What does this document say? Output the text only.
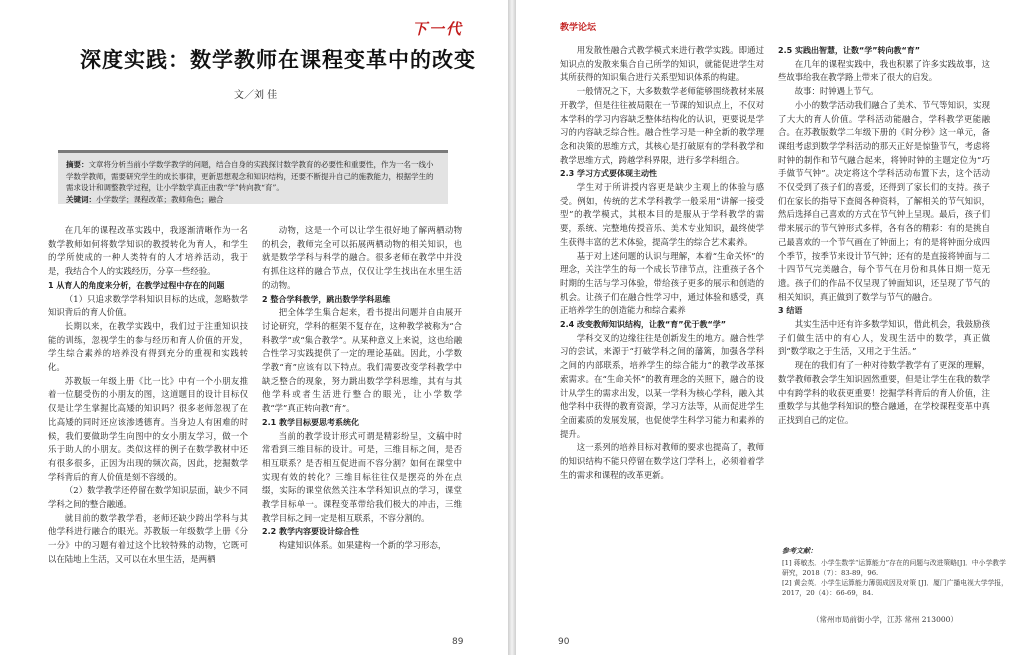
下一代
深度实践：数学教师在课程变革中的改变
文／刘 佳
摘要：文章将分析当前小学数学教学的问题，结合自身的实践探讨数学教育的必要性和重要性，作为一名一线小学数学教师，需要研究学生的成长事律，更新思想观念和知识结构，还要不断提升自己的施教能力，根据学生的需求设计和调整教学过程，让小学数学真正由教“学”转向教“育”。
关键词：小学数学；课程改革；教师角色；融合

在几年的课程改革实践中，我逐渐清晰作为一名数学教师如何将数学知识的教授转化为育人，和学生的学所使成的一种人类特有的人才培养活动，我于是，我结合个人的实践经历，分享一些经验。

1 从育人的角度来分析，在教学过程中存在的问题

（1）只追求数学学科知识目标的达成，忽略数学知识背后的育人价值。

长期以来，在教学实践中，我们过于注重知识技能的训练，忽视学生的参与经历和育人价值的开发，学生综合素养的培养没有得到充分的重视和实践转化。

苏教版一年级上册《比一比》中有一个小朋友推着一位腿受伤的小朋友的图，这道题目的设计目标仅仅是让学生掌握比高矮的知识吗？很多老师忽视了在比高矮的同时还应该渗透德育。当身边人有困难的时候，我们要做助学生向图中的女小朋友学习，做一个乐于助人的小朋友。类似这样的例子在数学教材中还有很多很多，正因为出现的频次高，因此，挖掘数学学科背后的育人价值是刻不容缓的。

（2）数学教学还停留在数学知识层面，缺少不同学科之间的整合融通。

就目前的数学教学看，老师还缺少跨出学科与其他学科进行融合的眼光。苏教版一年级数学上册《分一分》中的习题有着过这个比较特殊的动物，它既可以在陆地上生活，又可以在水里生活，是两栖

动物，这是一个可以让学生很好地了解两栖动物的机会，教师完全可以拓展两栖动物的相关知识，也就是数学学科与科学的融合。很多老师在教学中并没有抓住这样的融合节点，仅仅让学生找出在水里生活的动物。

2 整合学科教学，跳出数学学科思维

把全体学生集合起来，看书提出问题并自由展开讨论研究，学科的框架不复存在，这种教学被称为“合科教学”或“集合教学”。从某种意义上来说，这也给融合性学习实践提供了一定的理论基础。因此，小学数学教“育”应该有以下特点。我们需要改变学科教学中缺乏整合的现象，努力跳出数学学科思维，其有与其他学科或者生活进行整合的眼光，让小学数学教“学”真正转向教“育”。

2.1 教学目标要思考系统化

当前的教学设计形式可谓是精彩纷呈，文稿中时常看到三维目标的设计。可是，三维目标之间，是否相互联系？是否相互促进而不容分割？如何在课堂中实现有效的转化？三维目标往往仅是摆亮的外在点缀，实际的课堂依然关注本学科知识点的学习，课堂教学目标单一。课程变革带给我们极大的冲击，三维教学目标之间一定是相互联系，不容分割的。

2.2 教学内容要设计综合性

构建知识体系。如果建构一个新的学习形态，

89
教学论坛

用发散性融合式教学模式来进行教学实践。即通过知识点的发散来集合自己所学的知识，就能促进学生对其所获得的知识集合进行关系型知识体系的构建。

一般情况之下，大多数数学老师能够围绕教材来展开教学，但是往往被局限在一节课的知识点上，不仅对本学科的学习内容缺乏整体结构化的认识，更要说是学习的内容缺乏综合性。融合性学习是一种全新的教学理念和决策的思维方式，其核心是打破原有的学科教学和教学思维方式，跨越学科界限，进行多学科组合。

2.3 学习方式要体现主动性

学生对于所讲授内容更是缺少主观上的体验与感受。例如，传统的艺术学科教学一般采用“讲解一接受型”的教学模式，其根本目的是服从于学科教学的需要，系统、完整地传授音乐、美术专业知识，最终使学生获得丰富的艺术体验，提高学生的综合艺术素养。

基于对上述问题的认识与理解，本着“生命关怀”的理念，关注学生的每一个成长节律节点，注重孩子各个时期的生活与学习体验，带给孩子更多的展示和创造的机会。让孩子们在融合性学习中，通过体验和感受，真正培养学生的创造能力和综合素养

2.4 改变教师知识结构，让教“育”优于教“学”

学科交叉的边缘往往是创新发生的地方。融合性学习的尝试，来源于“打破学科之间的藩篱，加强各学科之间的内部联系，培养学生的综合能力”的教学改革探索需求。在“生命关怀”的教育理念的关照下，融合的设计从学生的需求出发，以某一学科为核心学科，融入其他学科中获得的教育资源，学习方法等，从而促进学生全面素质的发展发展，也促使学生科学习能力和素养的提升。

这一系列的培养目标对教师的要求也提高了，教师的知识结构不能只停留在数学这门学科上，必须着着学生的需求和课程的改革更新。

2.5 实践出智慧，让数“学”转向教“育”

在几年的课程实践中，我也积累了许多实践故事，这些故事给我在教学路上带来了很大的启发。

故事：时钟遇上节气。

小小的数学活动我们融合了美术、节气等知识，实现了大大的育人价值。学科活动能融合，学科教学更能融合。在苏教版数学二年级下册的《时分秒》这一单元，备课组考虑到数学学科活动的那天正好是惊蛰节气，考虑将时钟的制作和节气融合起来，将钟时钟的主题定位为“巧手做节气钟”。决定将这个学科活动布置下去，这个活动不仅受到了孩子们的喜爱，还得到了家长们的支持。孩子们在家长的指导下查阅各种资料，了解相关的节气知识，然后选择自己喜欢的方式在节气钟上呈现。最后，孩子们带来展示的节气钟形式多样，各有各的精彩：有的是挑自己最喜欢的一个节气画在了钟面上；有的是将钟面分成四个季节，按季节来设计节气钟；还有的是直接将钟面与二十四节气完美融合，每个节气在月份和具体日期一览无遗。孩子们的作品不仅呈现了钟面知识，还呈现了节气的相关知识，真正做到了数学与节气的融合。

3 结语

其实生活中还有许多数学知识，借此机会，我鼓励孩子们做生活中的有心人，发现生活中的数学，真正做到“数学取之于生活，又用之于生活。”

现在的我们有了一种对待数学教学有了更深的理解，数学教师教会学生知识固然重要，但是让学生在我的数学中有跨学科的收获更重要！挖掘学科背后的育人价值，注重数学与其他学科知识的整合融通，在学校课程变革中真正找到自己的定位。

参考文献：
[1] 蒋敏杰．小学生数学“运算能力”存在的问题与改进策略[J]．中小学教学研究，2018（7）：83-89，96.
[2] 黄会英．小学生运算能力薄弱成因及对策 [J]．厦门广播电视大学学报，2017，20（4）：66-69，84.
（常州市局前街小学，江苏 常州 213000）
90
